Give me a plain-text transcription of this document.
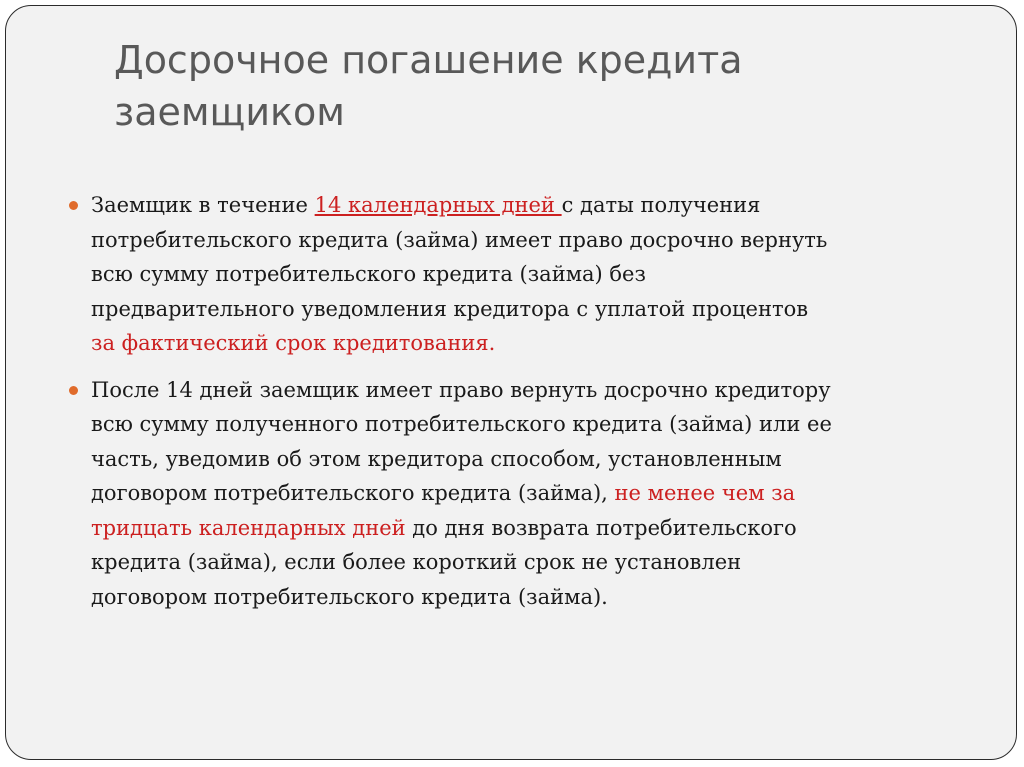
Досрочное погашение кредита
заемщиком
Заемщик в течение 14 календарных дней с даты получения
потребительского кредита (займа) имеет право досрочно вернуть
всю сумму потребительского кредита (займа) без
предварительного уведомления кредитора с уплатой процентов
за фактический срок кредитования.
После 14 дней заемщик имеет право вернуть досрочно кредитору
всю сумму полученного потребительского кредита (займа) или ее
часть, уведомив об этом кредитора способом, установленным
договором потребительского кредита (займа), не менее чем за
тридцать календарных дней до дня возврата потребительского
кредита (займа), если более короткий срок не установлен
договором потребительского кредита (займа).
